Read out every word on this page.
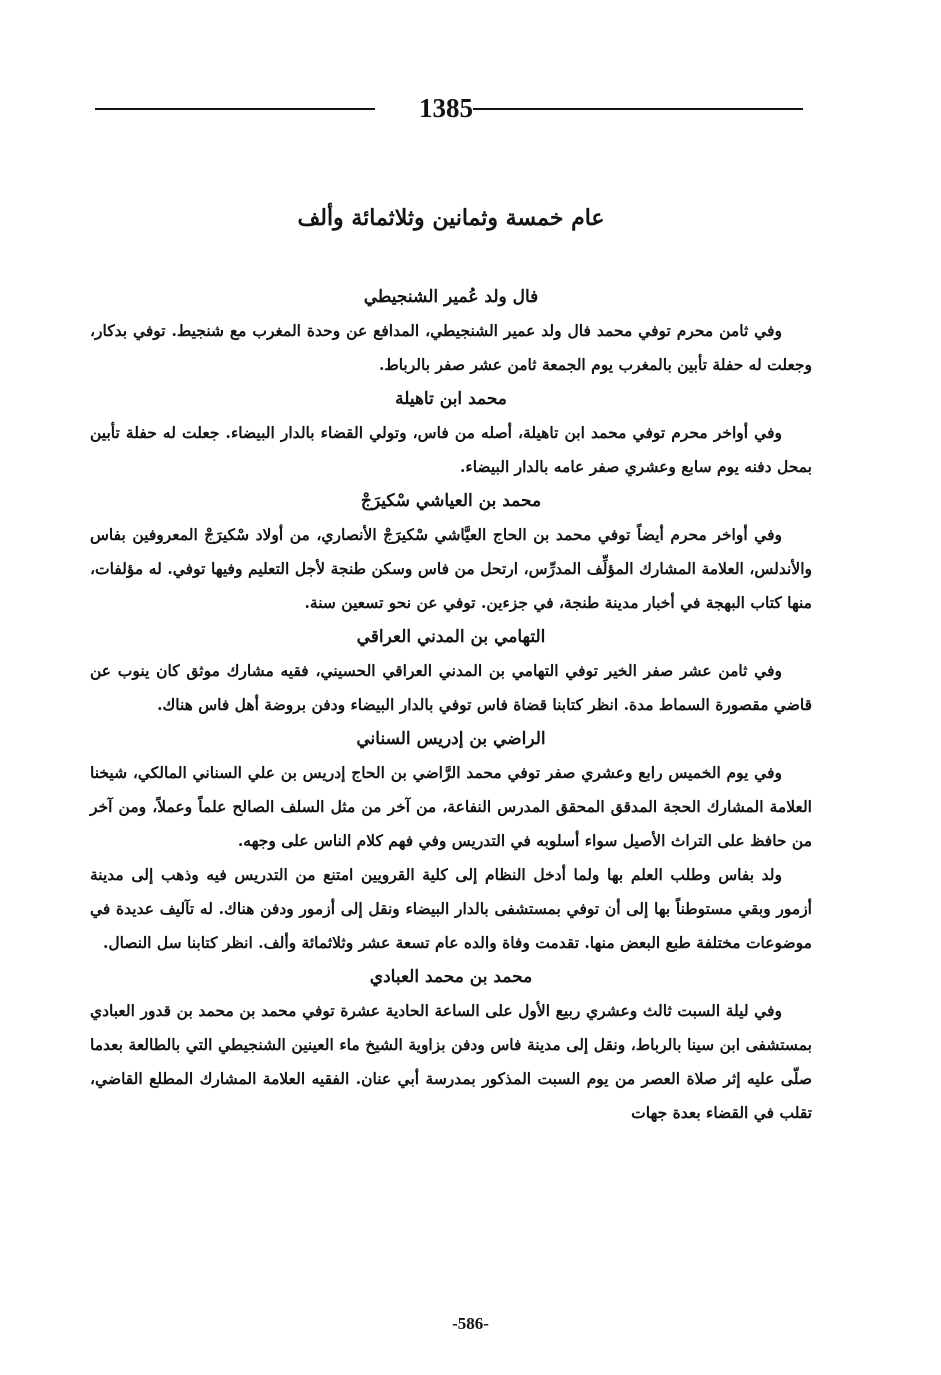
1385
عام خمسة وثمانين وثلاثمائة وألف
فال ولد عُمير الشنجيطي

وفي ثامن محرم توفي محمد فال ولد عمير الشنجيطي، المدافع عن وحدة المغرب مع شنجيط. توفي بدكار، وجعلت له حفلة تأبين بالمغرب يوم الجمعة ثامن عشر صفر بالرباط.

محمد ابن تاهيلة

وفي أواخر محرم توفي محمد ابن تاهيلة، أصله من فاس، وتولي القضاء بالدار البيضاء. جعلت له حفلة تأبين بمحل دفنه يوم سابع وعشري صفر عامه بالدار البيضاء.

محمد بن العياشي سْكيرَجْ

وفي أواخر محرم أيضاً توفي محمد بن الحاج العيَّاشي سْكيرَجْ الأنصاري، من أولاد سْكيرَجْ المعروفين بفاس والأندلس، العلامة المشارك المؤلِّف المدرِّس، ارتحل من فاس وسكن طنجة لأجل التعليم وفيها توفي. له مؤلفات، منها كتاب البهجة في أخبار مدينة طنجة، في جزءين. توفي عن نحو تسعين سنة.

التهامي بن المدني العراقي

وفي ثامن عشر صفر الخير توفي التهامي بن المدني العراقي الحسيني، فقيه مشارك موثق كان ينوب عن قاضي مقصورة السماط مدة. انظر كتابنا قضاة فاس توفي بالدار البيضاء ودفن بروضة أهل فاس هناك.

الراضي بن إدريس السناني

وفي يوم الخميس رابع وعشري صفر توفي محمد الرَّاضي بن الحاج إدريس بن علي السناني المالكي، شيخنا العلامة المشارك الحجة المدقق المحقق المدرس النفاعة، من آخر من مثل السلف الصالح علماً وعملاً، ومن آخر من حافظ على التراث الأصيل سواء أسلوبه في التدريس وفي فهم كلام الناس على وجهه.

ولد بفاس وطلب العلم بها ولما أدخل النظام إلى كلية القرويين امتنع من التدريس فيه وذهب إلى مدينة أزمور وبقي مستوطناً بها إلى أن توفي بمستشفى بالدار البيضاء ونقل إلى أزمور ودفن هناك. له تآليف عديدة في موضوعات مختلفة طبع البعض منها. تقدمت وفاة والده عام تسعة عشر وثلاثمائة وألف. انظر كتابنا سل النصال.

محمد بن محمد العبادي

وفي ليلة السبت ثالث وعشري ربيع الأول على الساعة الحادية عشرة توفي محمد بن محمد بن قدور العبادي بمستشفى ابن سينا بالرباط، ونقل إلى مدينة فاس ودفن بزاوية الشيخ ماء العينين الشنجيطي التي بالطالعة بعدما صلّى عليه إثر صلاة العصر من يوم السبت المذكور بمدرسة أبي عنان. الفقيه العلامة المشارك المطلع القاضي، تقلب في القضاء بعدة جهات

-586-
